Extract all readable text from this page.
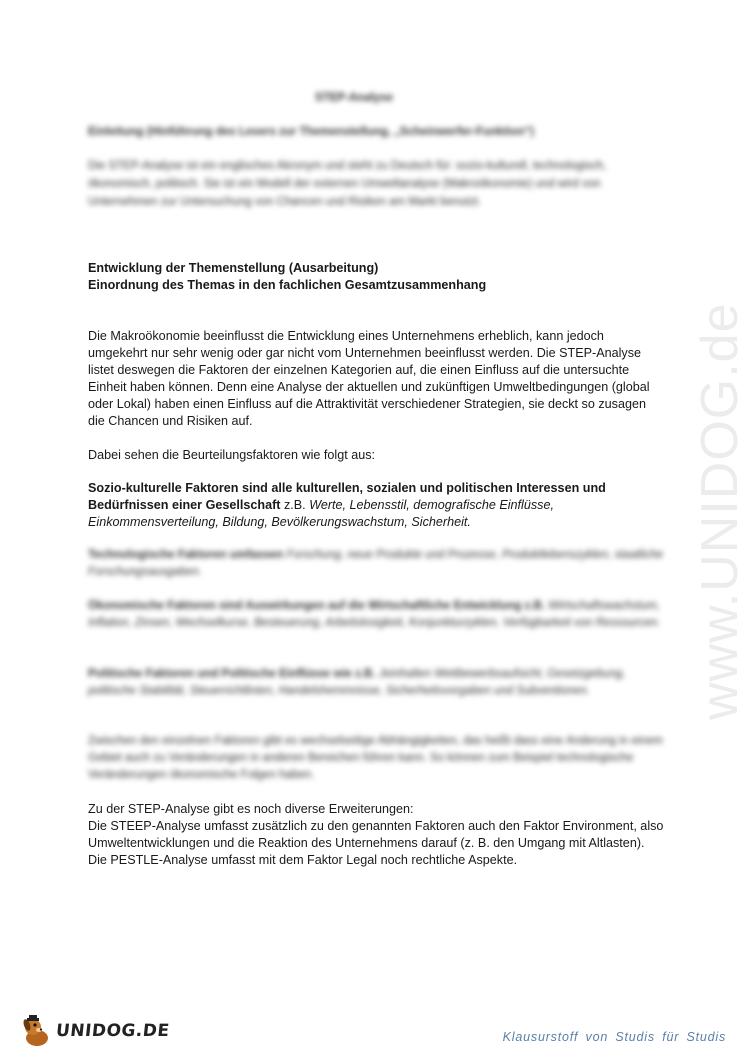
www.UNIDOG.de
STEP-Analyse

Einleitung (Hinführung des Lesers zur Themenstellung, „Scheinwerfer-Funktion“)

Die STEP-Analyse ist ein englisches Akronym und steht zu Deutsch für: sozio-kulturell, technologisch, ökonomisch, politisch. Sie ist ein Modell der externen Umweltanalyse (Makroökonomie) und wird von Unternehmen zur Untersuchung von Chancen und Risiken am Markt benutzt.

Entwicklung der Themenstellung (Ausarbeitung)

Einordnung des Themas in den fachlichen Gesamtzusammenhang

Die Makroökonomie beeinflusst die Entwicklung eines Unternehmens erheblich, kann jedoch umgekehrt nur sehr wenig oder gar nicht vom Unternehmen beeinflusst werden. Die STEP-Analyse listet deswegen die Faktoren der einzelnen Kategorien auf, die einen Einfluss auf die untersuchte Einheit haben können. Denn eine Analyse der aktuellen und zukünftigen Umweltbedingungen (global oder Lokal) haben einen Einfluss auf die Attraktivität verschiedener Strategien, sie deckt so zusagen die Chancen und Risiken auf.

Dabei sehen die Beurteilungsfaktoren wie folgt aus:

Sozio-kulturelle Faktoren sind alle kulturellen, sozialen und politischen Interessen und Bedürfnissen einer Gesellschaft z.B. Werte, Lebensstil, demografische Einflüsse, Einkommensverteilung, Bildung, Bevölkerungswachstum, Sicherheit.

Technologische Faktoren umfassen Forschung, neue Produkte und Prozesse, Produktlebenszyklen, staatliche Forschungsausgaben.

Ökonomische Faktoren sind Auswirkungen auf die Wirtschaftliche Entwicklung z.B. Wirtschaftswachstum, Inflation, Zinsen, Wechselkurse, Besteuerung, Arbeitslosigkeit, Konjunkturzyklen, Verfügbarkeit von Ressourcen.

Politische Faktoren und Politische Einflüsse wie z.B. Jeinhalten Wettbewerbsaufsicht, Gesetzgebung, politische Stabilität, Steuerrichtlinien, Handelshemmnisse, Sicherheitsvorgaben und Subventionen.

Zwischen den einzelnen Faktoren gibt es wechselseitige Abhängigkeiten, das heißt dass eine Änderung in einem Gebiet auch zu Veränderungen in anderen Bereichen führen kann. So können zum Beispiel technologische Veränderungen ökonomische Folgen haben.

Zu der STEP-Analyse gibt es noch diverse Erweiterungen:

Die STEEP-Analyse umfasst zusätzlich zu den genannten Faktoren auch den Faktor Environment, also Umweltentwicklungen und die Reaktion des Unternehmens darauf (z. B. den Umgang mit Altlasten).

Die PESTLE-Analyse umfasst mit dem Faktor Legal noch rechtliche Aspekte.

UNIDOG.DE	Klausurstoff von Studis für Studis
